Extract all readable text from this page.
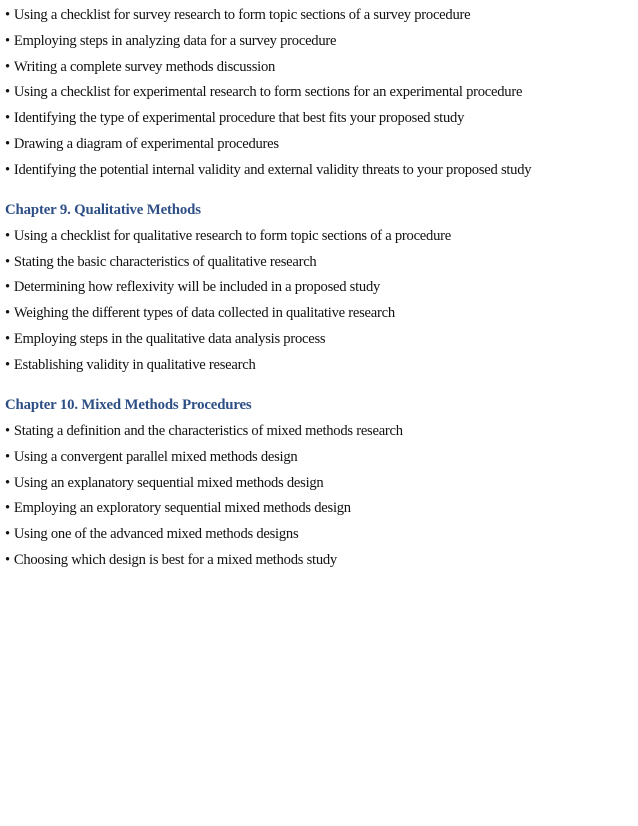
• Using a checklist for survey research to form topic sections of a survey procedure
• Employing steps in analyzing data for a survey procedure
• Writing a complete survey methods discussion
• Using a checklist for experimental research to form sections for an experimental procedure
• Identifying the type of experimental procedure that best fits your proposed study
• Drawing a diagram of experimental procedures
• Identifying the potential internal validity and external validity threats to your proposed study
Chapter 9. Qualitative Methods
• Using a checklist for qualitative research to form topic sections of a procedure
• Stating the basic characteristics of qualitative research
• Determining how reflexivity will be included in a proposed study
• Weighing the different types of data collected in qualitative research
• Employing steps in the qualitative data analysis process
• Establishing validity in qualitative research
Chapter 10. Mixed Methods Procedures
• Stating a definition and the characteristics of mixed methods research
• Using a convergent parallel mixed methods design
• Using an explanatory sequential mixed methods design
• Employing an exploratory sequential mixed methods design
• Using one of the advanced mixed methods designs
• Choosing which design is best for a mixed methods study
